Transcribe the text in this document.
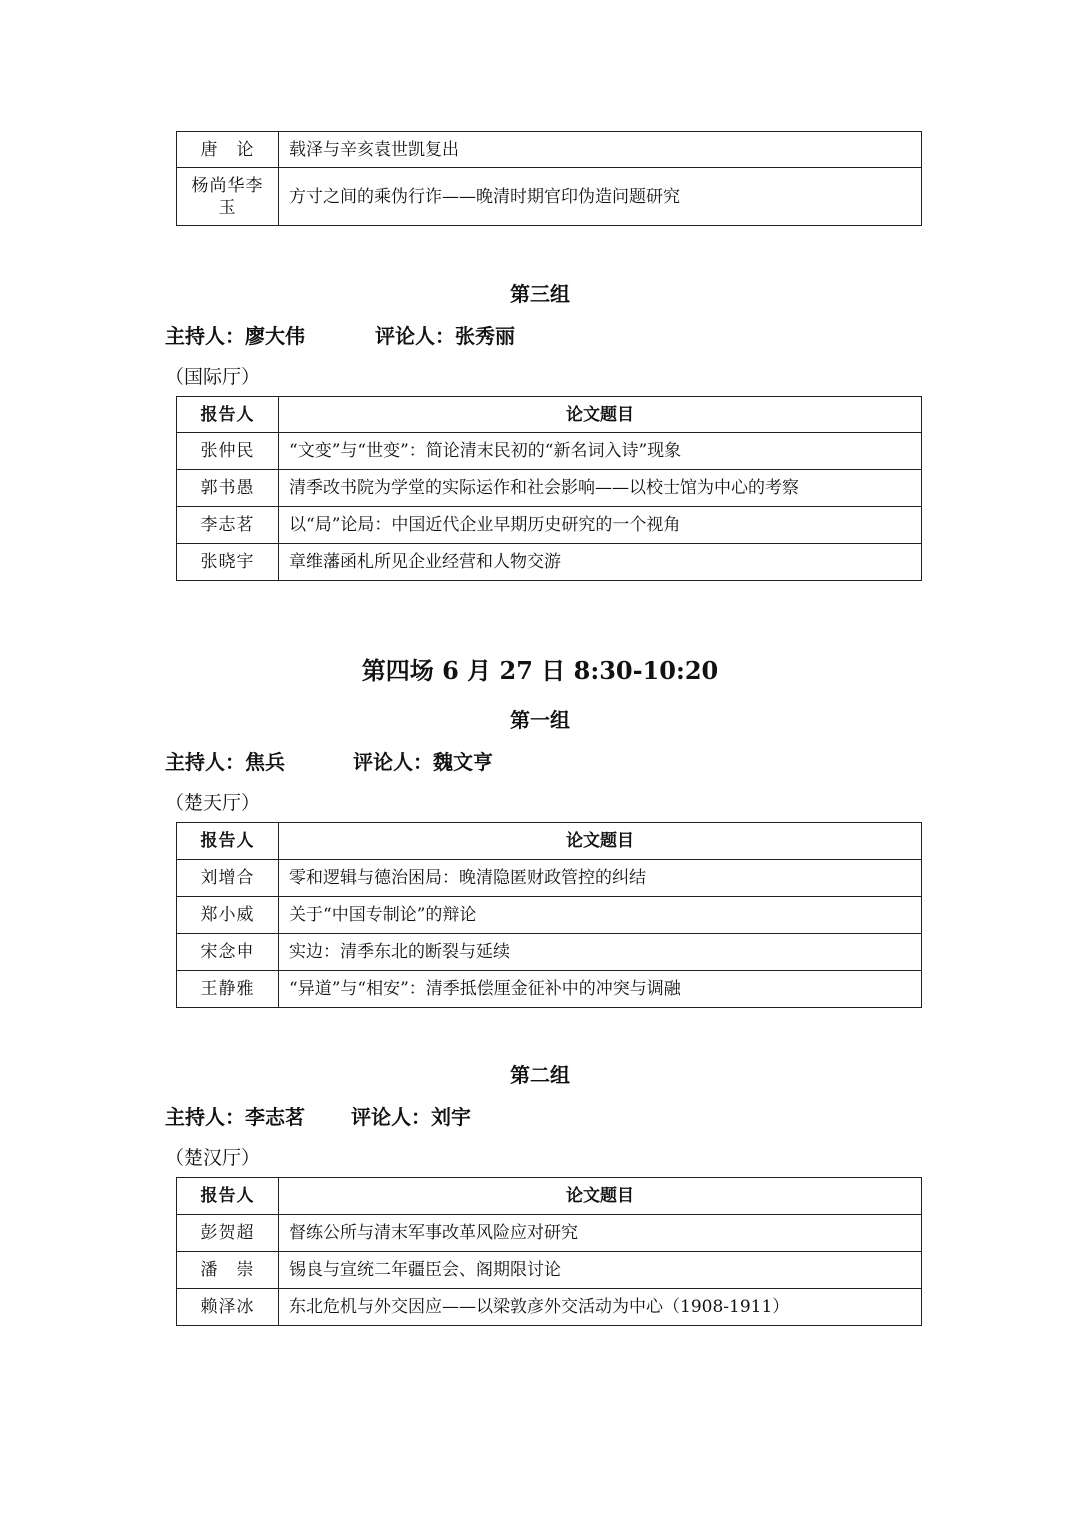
唐　论	载泽与辛亥袁世凯复出
杨尚华李玉	方寸之间的乘伪行诈——晚清时期官印伪造问题研究
第三组
主持人：廖大伟	评论人：张秀丽
（国际厅）
报告人	论文题目
张仲民	“文变”与“世变”：简论清末民初的“新名词入诗”现象
郭书愚	清季改书院为学堂的实际运作和社会影响——以校士馆为中心的考察
李志茗	以“局”论局：中国近代企业早期历史研究的一个视角
张晓宇	章维藩函札所见企业经营和人物交游
第四场 6 月 27 日 8:30-10:20
第一组
主持人：焦兵	评论人：魏文亨
（楚天厅）
报告人	论文题目
刘增合	零和逻辑与德治困局：晚清隐匿财政管控的纠结
郑小威	关于“中国专制论”的辩论
宋念申	实边：清季东北的断裂与延续
王静雅	“异道”与“相安”：清季抵偿厘金征补中的冲突与调融
第二组
主持人：李志茗 评论人：刘宇
（楚汉厅）
报告人	论文题目
彭贺超	督练公所与清末军事改革风险应对研究
潘　崇	锡良与宣统二年疆臣会、阁期限讨论
赖泽冰	东北危机与外交因应——以梁敦彦外交活动为中心（1908-1911）
